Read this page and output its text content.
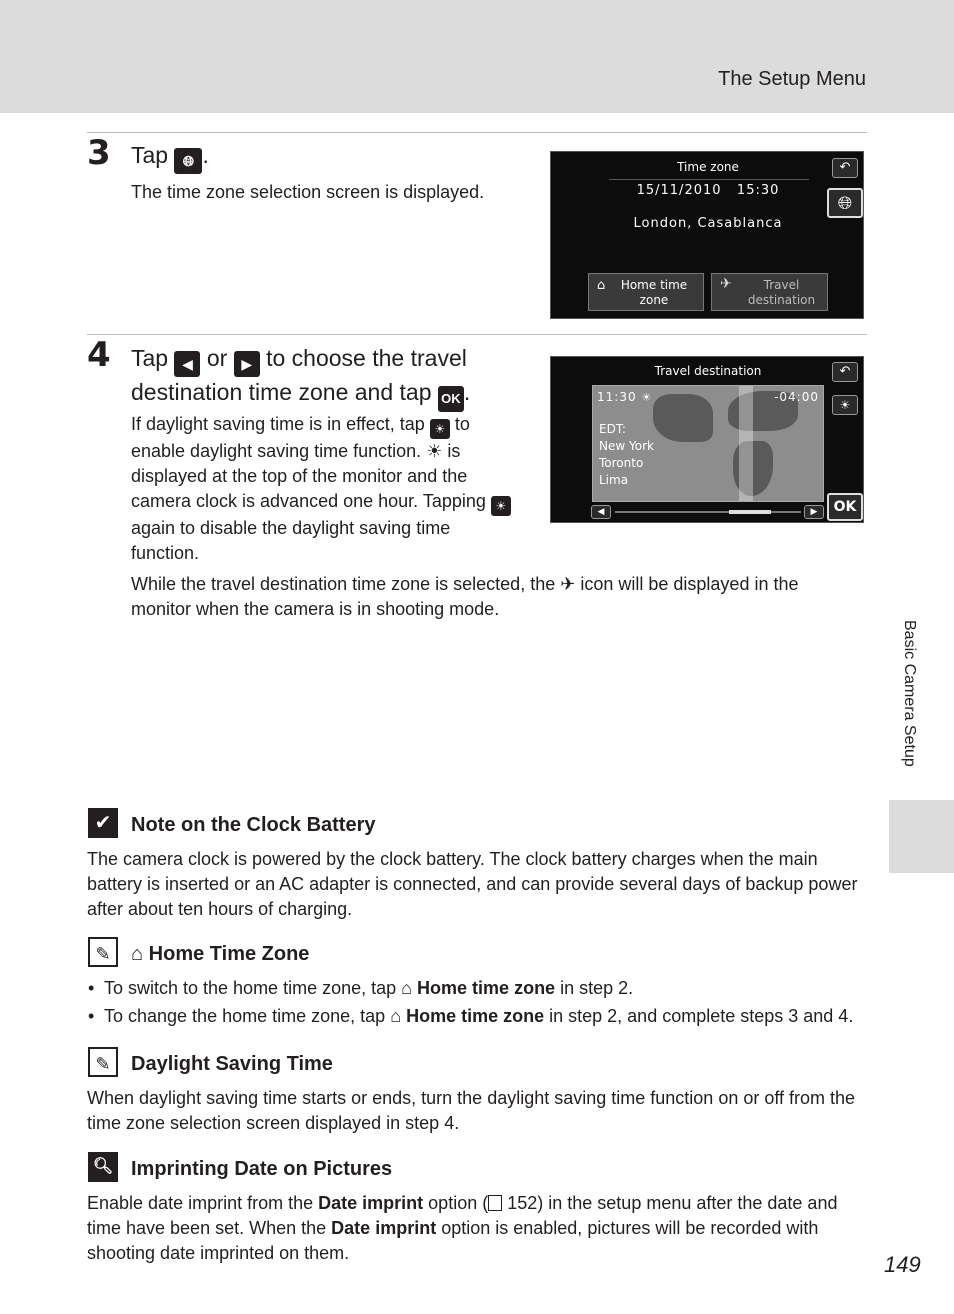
The Setup Menu
3 Tap 🌐︎ .
The time zone selection screen is displayed.
Time zone
15/11/2010   15:30
London, Casablanca
↶
🌐︎
⌂ Home time zone
✈	Travel destination
4 Tap ◀ or ▶ to choose the travel
destination time zone and tap OK .
If daylight saving time is in effect, tap ☀ to enable daylight saving time function. ☀ is displayed at the top of the monitor and the camera clock is advanced one hour. Tapping ☀ again to disable the daylight saving time function.
While the travel destination time zone is selected, the ✈ icon will be displayed in the monitor when the camera is in shooting mode.
Travel destination	↶
☀
OK
11:30 ☀	-04:00
EDT:
New York
Toronto
Lima
◀	▶
✔ Note on the Clock Battery
The camera clock is powered by the clock battery. The clock battery charges when the main battery is inserted or an AC adapter is connected, and can provide several days of backup power after about ten hours of charging.
✎	⌂ Home Time Zone
•  To switch to the home time zone, tap ⌂ Home time zone in step 2.
•  To change the home time zone, tap ⌂ Home time zone in step 2, and complete steps 3 and 4.
✎	Daylight Saving Time
When daylight saving time starts or ends, turn the daylight saving time function on or off from the time zone selection screen displayed in step 4.
🔍︎ Imprinting Date on Pictures
Enable date imprint from the Date imprint option ( 152) in the setup menu after the date and time have been set. When the Date imprint option is enabled, pictures will be recorded with shooting date imprinted on them.
Basic Camera Setup
149
